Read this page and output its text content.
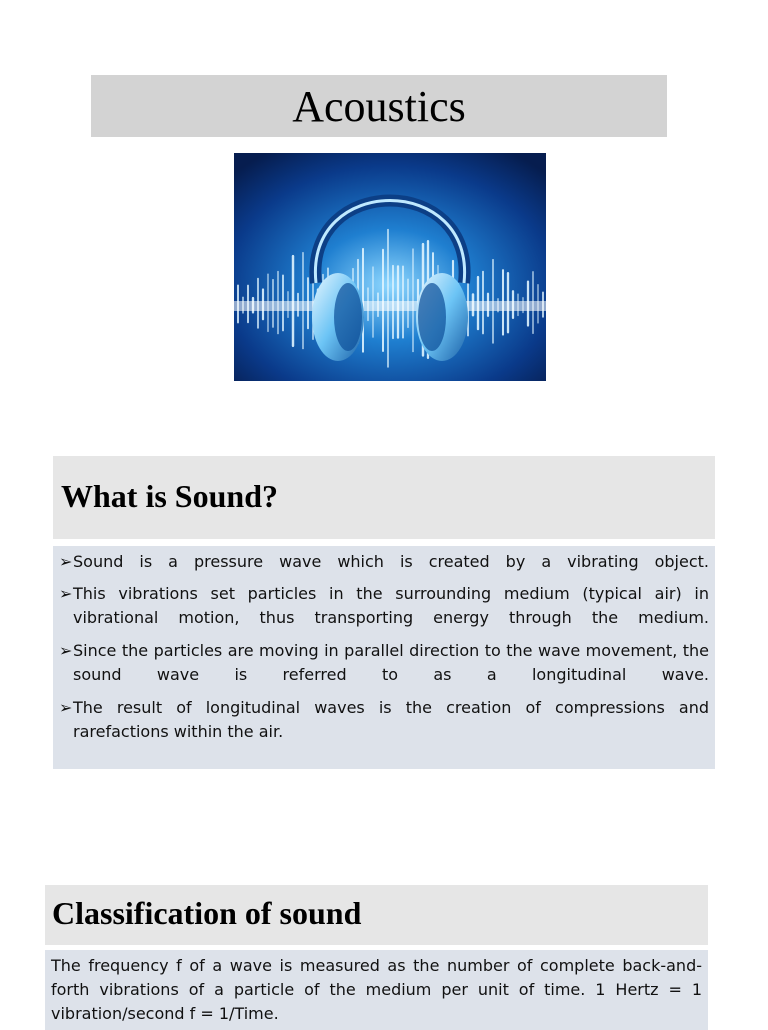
Acoustics
What is Sound?
➢ Sound is a pressure wave which is created by a vibrating object.
➢ This vibrations set particles in the surrounding medium (typical air) in vibrational motion, thus transporting energy through the medium.
➢ Since the particles are moving in parallel direction to the wave movement, the sound wave is referred to as a longitudinal wave.
➢ The result of longitudinal waves is the creation of compressions and rarefactions within the air.
Classification of sound

The frequency f of a wave is measured as the number of complete back-and-forth vibrations of a particle of the medium per unit of time. 1 Hertz = 1 vibration/second f = 1/Time.
